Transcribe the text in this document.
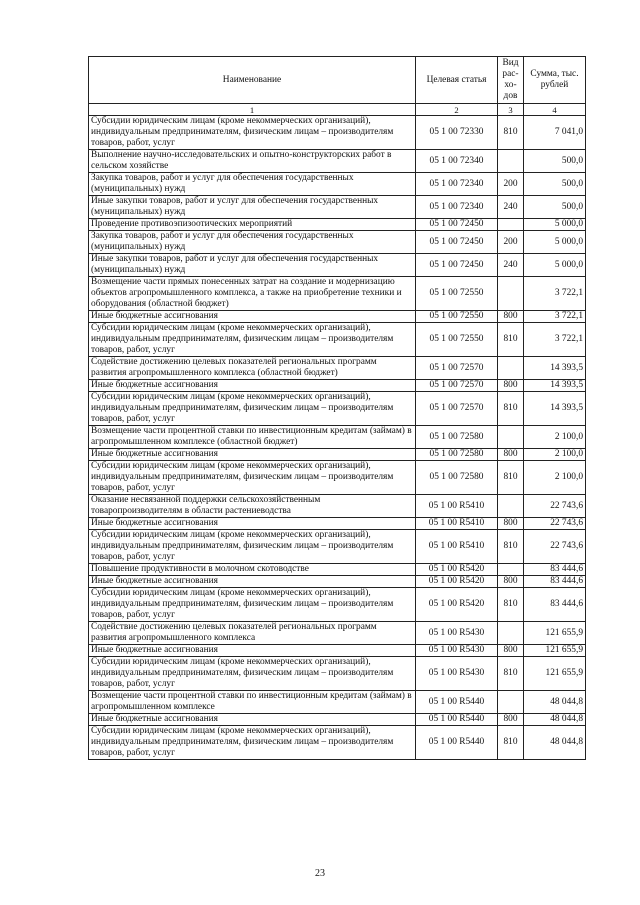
Наименование	Целевая статья	Вид рас-хо-дов	Сумма, тыс. рублей
1	2	3	4
Субсидии юридическим лицам (кроме некоммерческих организаций), индивидуальным предпринимателям, физическим лицам – производителям товаров, работ, услуг	05 1 00 72330	810	7 041,0
Выполнение научно-исследовательских и опытно-конструкторских работ в сельском хозяйстве	05 1 00 72340		500,0
Закупка товаров, работ и услуг для обеспечения государственных (муниципальных) нужд	05 1 00 72340	200	500,0
Иные закупки товаров, работ и услуг для обеспечения государственных (муниципальных) нужд	05 1 00 72340	240	500,0
Проведение противоэпизоотических мероприятий	05 1 00 72450		5 000,0
Закупка товаров, работ и услуг для обеспечения государственных (муниципальных) нужд	05 1 00 72450	200	5 000,0
Иные закупки товаров, работ и услуг для обеспечения государственных (муниципальных) нужд	05 1 00 72450	240	5 000,0
Возмещение части прямых понесенных затрат на создание и модернизацию объектов агропромышленного комплекса, а также на приобретение техники и оборудования (областной бюджет)	05 1 00 72550		3 722,1
Иные бюджетные ассигнования	05 1 00 72550	800	3 722,1
Субсидии юридическим лицам (кроме некоммерческих организаций), индивидуальным предпринимателям, физическим лицам – производителям товаров, работ, услуг	05 1 00 72550	810	3 722,1
Содействие достижению целевых показателей региональных программ развития агропромышленного комплекса (областной бюджет)	05 1 00 72570		14 393,5
Иные бюджетные ассигнования	05 1 00 72570	800	14 393,5
Субсидии юридическим лицам (кроме некоммерческих организаций), индивидуальным предпринимателям, физическим лицам – производителям товаров, работ, услуг	05 1 00 72570	810	14 393,5
Возмещение части процентной ставки по инвестиционным кредитам (займам) в агропромышленном комплексе (областной бюджет)	05 1 00 72580		2 100,0
Иные бюджетные ассигнования	05 1 00 72580	800	2 100,0
Субсидии юридическим лицам (кроме некоммерческих организаций), индивидуальным предпринимателям, физическим лицам – производителям товаров, работ, услуг	05 1 00 72580	810	2 100,0
Оказание несвязанной поддержки сельскохозяйственным товаропроизводителям в области растениеводства	05 1 00 R5410		22 743,6
Иные бюджетные ассигнования	05 1 00 R5410	800	22 743,6
Субсидии юридическим лицам (кроме некоммерческих организаций), индивидуальным предпринимателям, физическим лицам – производителям товаров, работ, услуг	05 1 00 R5410	810	22 743,6
Повышение продуктивности в молочном скотоводстве	05 1 00 R5420		83 444,6
Иные бюджетные ассигнования	05 1 00 R5420	800	83 444,6
Субсидии юридическим лицам (кроме некоммерческих организаций), индивидуальным предпринимателям, физическим лицам – производителям товаров, работ, услуг	05 1 00 R5420	810	83 444,6
Содействие достижению целевых показателей региональных программ развития агропромышленного комплекса	05 1 00 R5430		121 655,9
Иные бюджетные ассигнования	05 1 00 R5430	800	121 655,9
Субсидии юридическим лицам (кроме некоммерческих организаций), индивидуальным предпринимателям, физическим лицам – производителям товаров, работ, услуг	05 1 00 R5430	810	121 655,9
Возмещение части процентной ставки по инвестиционным кредитам (займам) в агропромышленном комплексе	05 1 00 R5440		48 044,8
Иные бюджетные ассигнования	05 1 00 R5440	800	48 044,8
Субсидии юридическим лицам (кроме некоммерческих организаций), индивидуальным предпринимателям, физическим лицам – производителям товаров, работ, услуг	05 1 00 R5440	810	48 044,8
23
